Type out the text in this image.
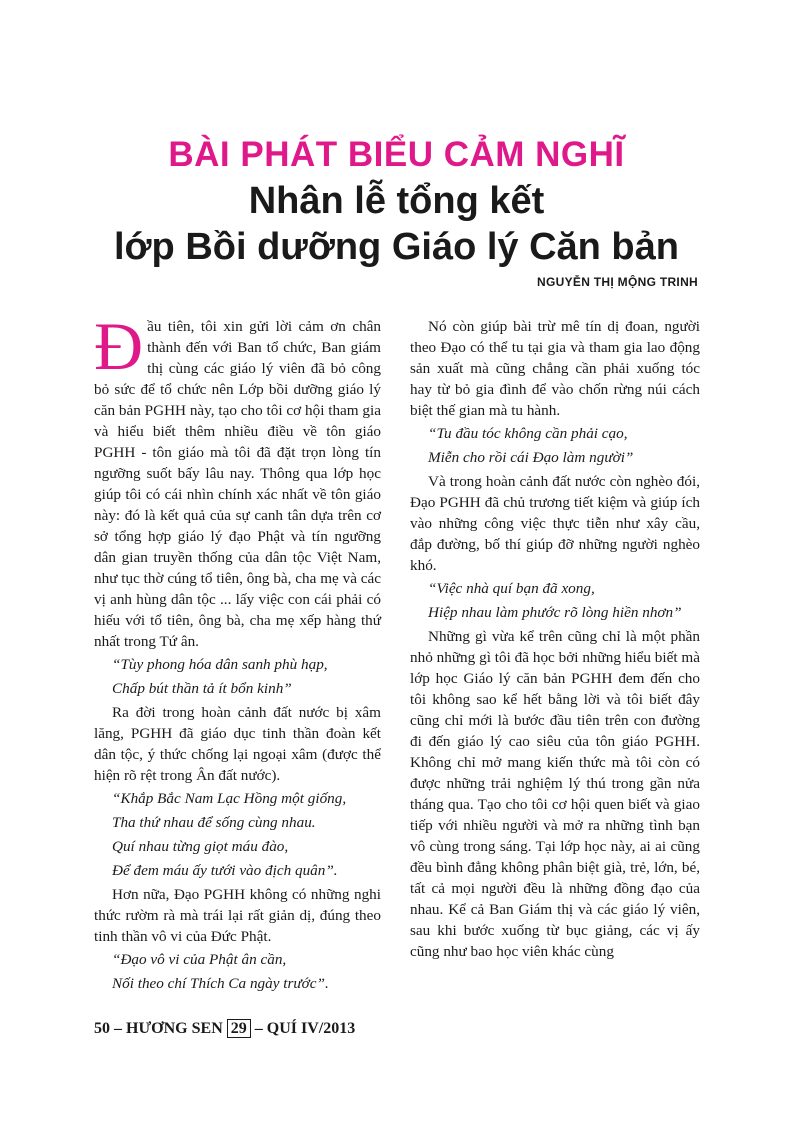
BÀI PHÁT BIỂU CẢM NGHĨ
Nhân lễ tổng kết
lớp Bồi dưỡng Giáo lý Căn bản
NGUYỄN THỊ MỘNG TRINH

Đầu tiên, tôi xin gửi lời cảm ơn chân thành đến với Ban tổ chức, Ban giám thị cùng các giáo lý viên đã bỏ công bỏ sức để tổ chức nên Lớp bồi dưỡng giáo lý căn bản PGHH này, tạo cho tôi cơ hội tham gia và hiểu biết thêm nhiều điều về tôn giáo PGHH - tôn giáo mà tôi đã đặt trọn lòng tín ngưỡng suốt bấy lâu nay. Thông qua lớp học giúp tôi có cái nhìn chính xác nhất về tôn giáo này: đó là kết quả của sự canh tân dựa trên cơ sở tổng hợp giáo lý đạo Phật và tín ngưỡng dân gian truyền thống của dân tộc Việt Nam, như tục thờ cúng tổ tiên, ông bà, cha mẹ và các vị anh hùng dân tộc ... lấy việc con cái phải có hiếu với tổ tiên, ông bà, cha mẹ xếp hàng thứ nhất trong Tứ ân.

“Tùy phong hóa dân sanh phù hạp,

Chấp bút thần tả ít bổn kinh”

Ra đời trong hoàn cảnh đất nước bị xâm lăng, PGHH đã giáo dục tinh thần đoàn kết dân tộc, ý thức chống lại ngoại xâm (được thể hiện rõ rệt trong Ân đất nước).

“Khắp Bắc Nam Lạc Hồng một giống,

Tha thứ nhau để sống cùng nhau.

Quí nhau từng giọt máu đào,

Để đem máu ấy tưới vào địch quân”.

Hơn nữa, Đạo PGHH không có những nghi thức rườm rà mà trái lại rất giản dị, đúng theo tinh thần vô vi của Đức Phật.

“Đạo vô vi của Phật ân cần,

Nối theo chí Thích Ca ngày trước”.

Nó còn giúp bài trừ mê tín dị đoan, người theo Đạo có thể tu tại gia và tham gia lao động sản xuất mà cũng chẳng cần phải xuống tóc hay từ bỏ gia đình để vào chốn rừng núi cách biệt thế gian mà tu hành.

“Tu đầu tóc không cần phải cạo,

Miễn cho rồi cái Đạo làm người”

Và trong hoàn cảnh đất nước còn nghèo đói, Đạo PGHH đã chủ trương tiết kiệm và giúp ích vào những công việc thực tiễn như xây cầu, đắp đường, bố thí giúp đỡ những người nghèo khó.

“Việc nhà quí bạn đã xong,

Hiệp nhau làm phước rõ lòng hiền nhơn”

Những gì vừa kể trên cũng chỉ là một phần nhỏ những gì tôi đã học bởi những hiểu biết mà lớp học Giáo lý căn bản PGHH đem đến cho tôi không sao kể hết bằng lời và tôi biết đây cũng chỉ mới là bước đầu tiên trên con đường đi đến giáo lý cao siêu của tôn giáo PGHH. Không chỉ mở mang kiến thức mà tôi còn có được những trải nghiệm lý thú trong gần nửa tháng qua. Tạo cho tôi cơ hội quen biết và giao tiếp với nhiều người và mở ra những tình bạn vô cùng trong sáng. Tại lớp học này, ai ai cũng đều bình đẳng không phân biệt già, trẻ, lớn, bé, tất cả mọi người đều là những đồng đạo của nhau. Kể cả Ban Giám thị và các giáo lý viên, sau khi bước xuống từ bục giảng, các vị ấy cũng như bao học viên khác cùng

50 – HƯƠNG SEN 29 – QUÍ IV/2013
